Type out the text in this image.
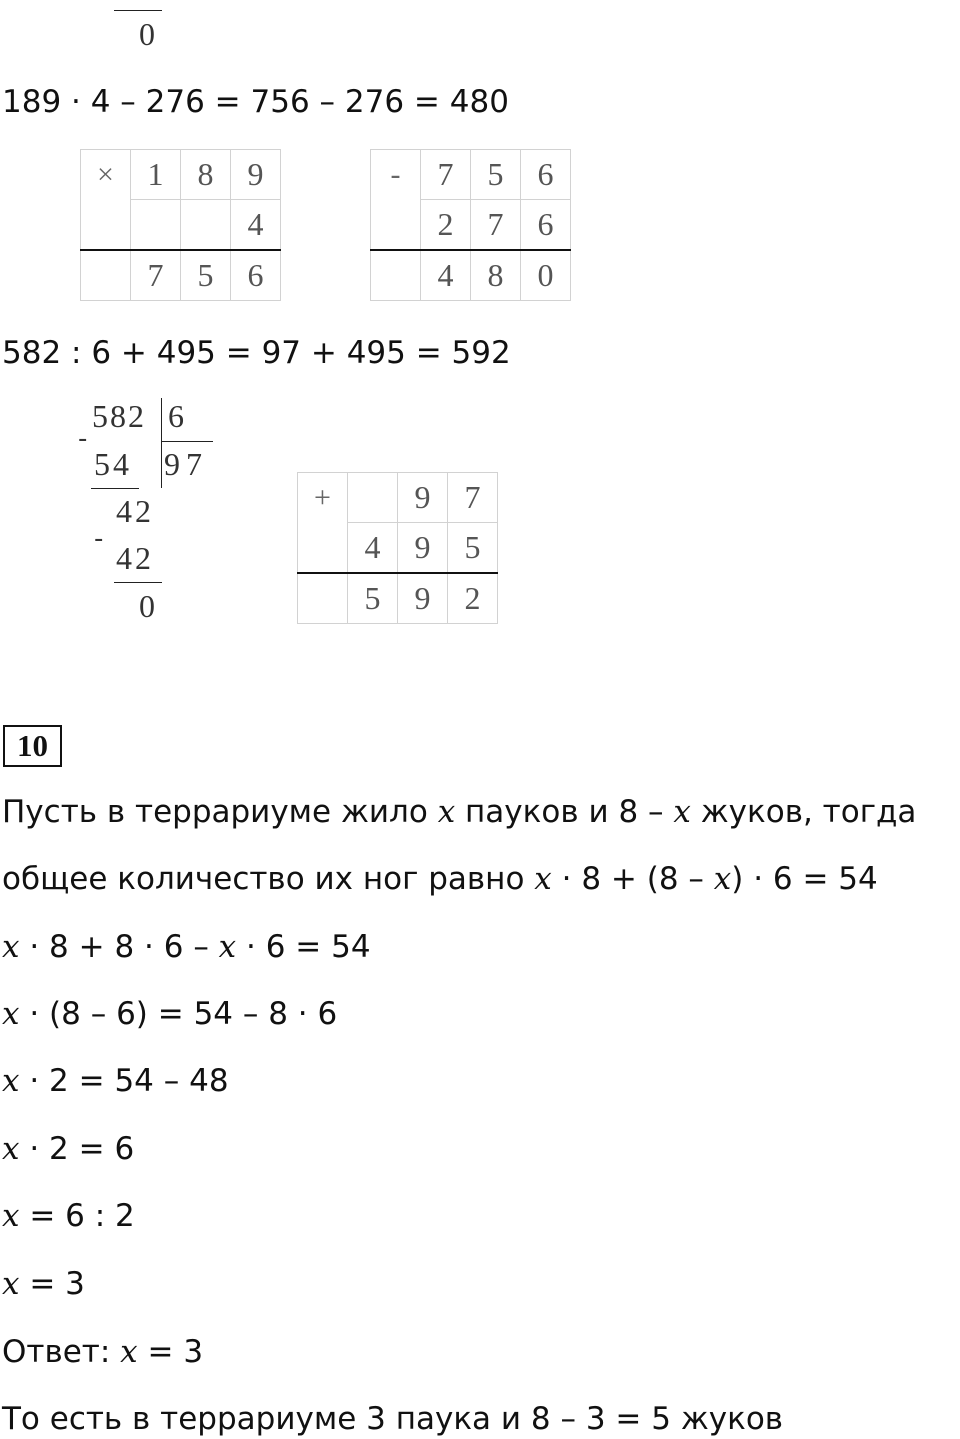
0
189 · 4 – 276 = 756 – 276 = 480
×	1	8	9
			4
	7	5	6
-	7	5	6
	2	7	6
	4	8	0
582 : 6 + 495 = 97 + 495 = 592
582 6
97
-
54
42
-
42
0
+		9	7
	4	9	5
	5	9	2
10
Пусть в террариуме жило x пауков и 8 – x жуков, тогда
общее количество их ног равно x · 8 + (8 – x) · 6 = 54
x · 8 + 8 · 6 – x · 6 = 54
x · (8 – 6) = 54 – 8 · 6
x · 2 = 54 – 48
x · 2 = 6
x = 6 : 2
x = 3
Ответ: x = 3
То есть в террариуме 3 паука и 8 – 3 = 5 жуков
